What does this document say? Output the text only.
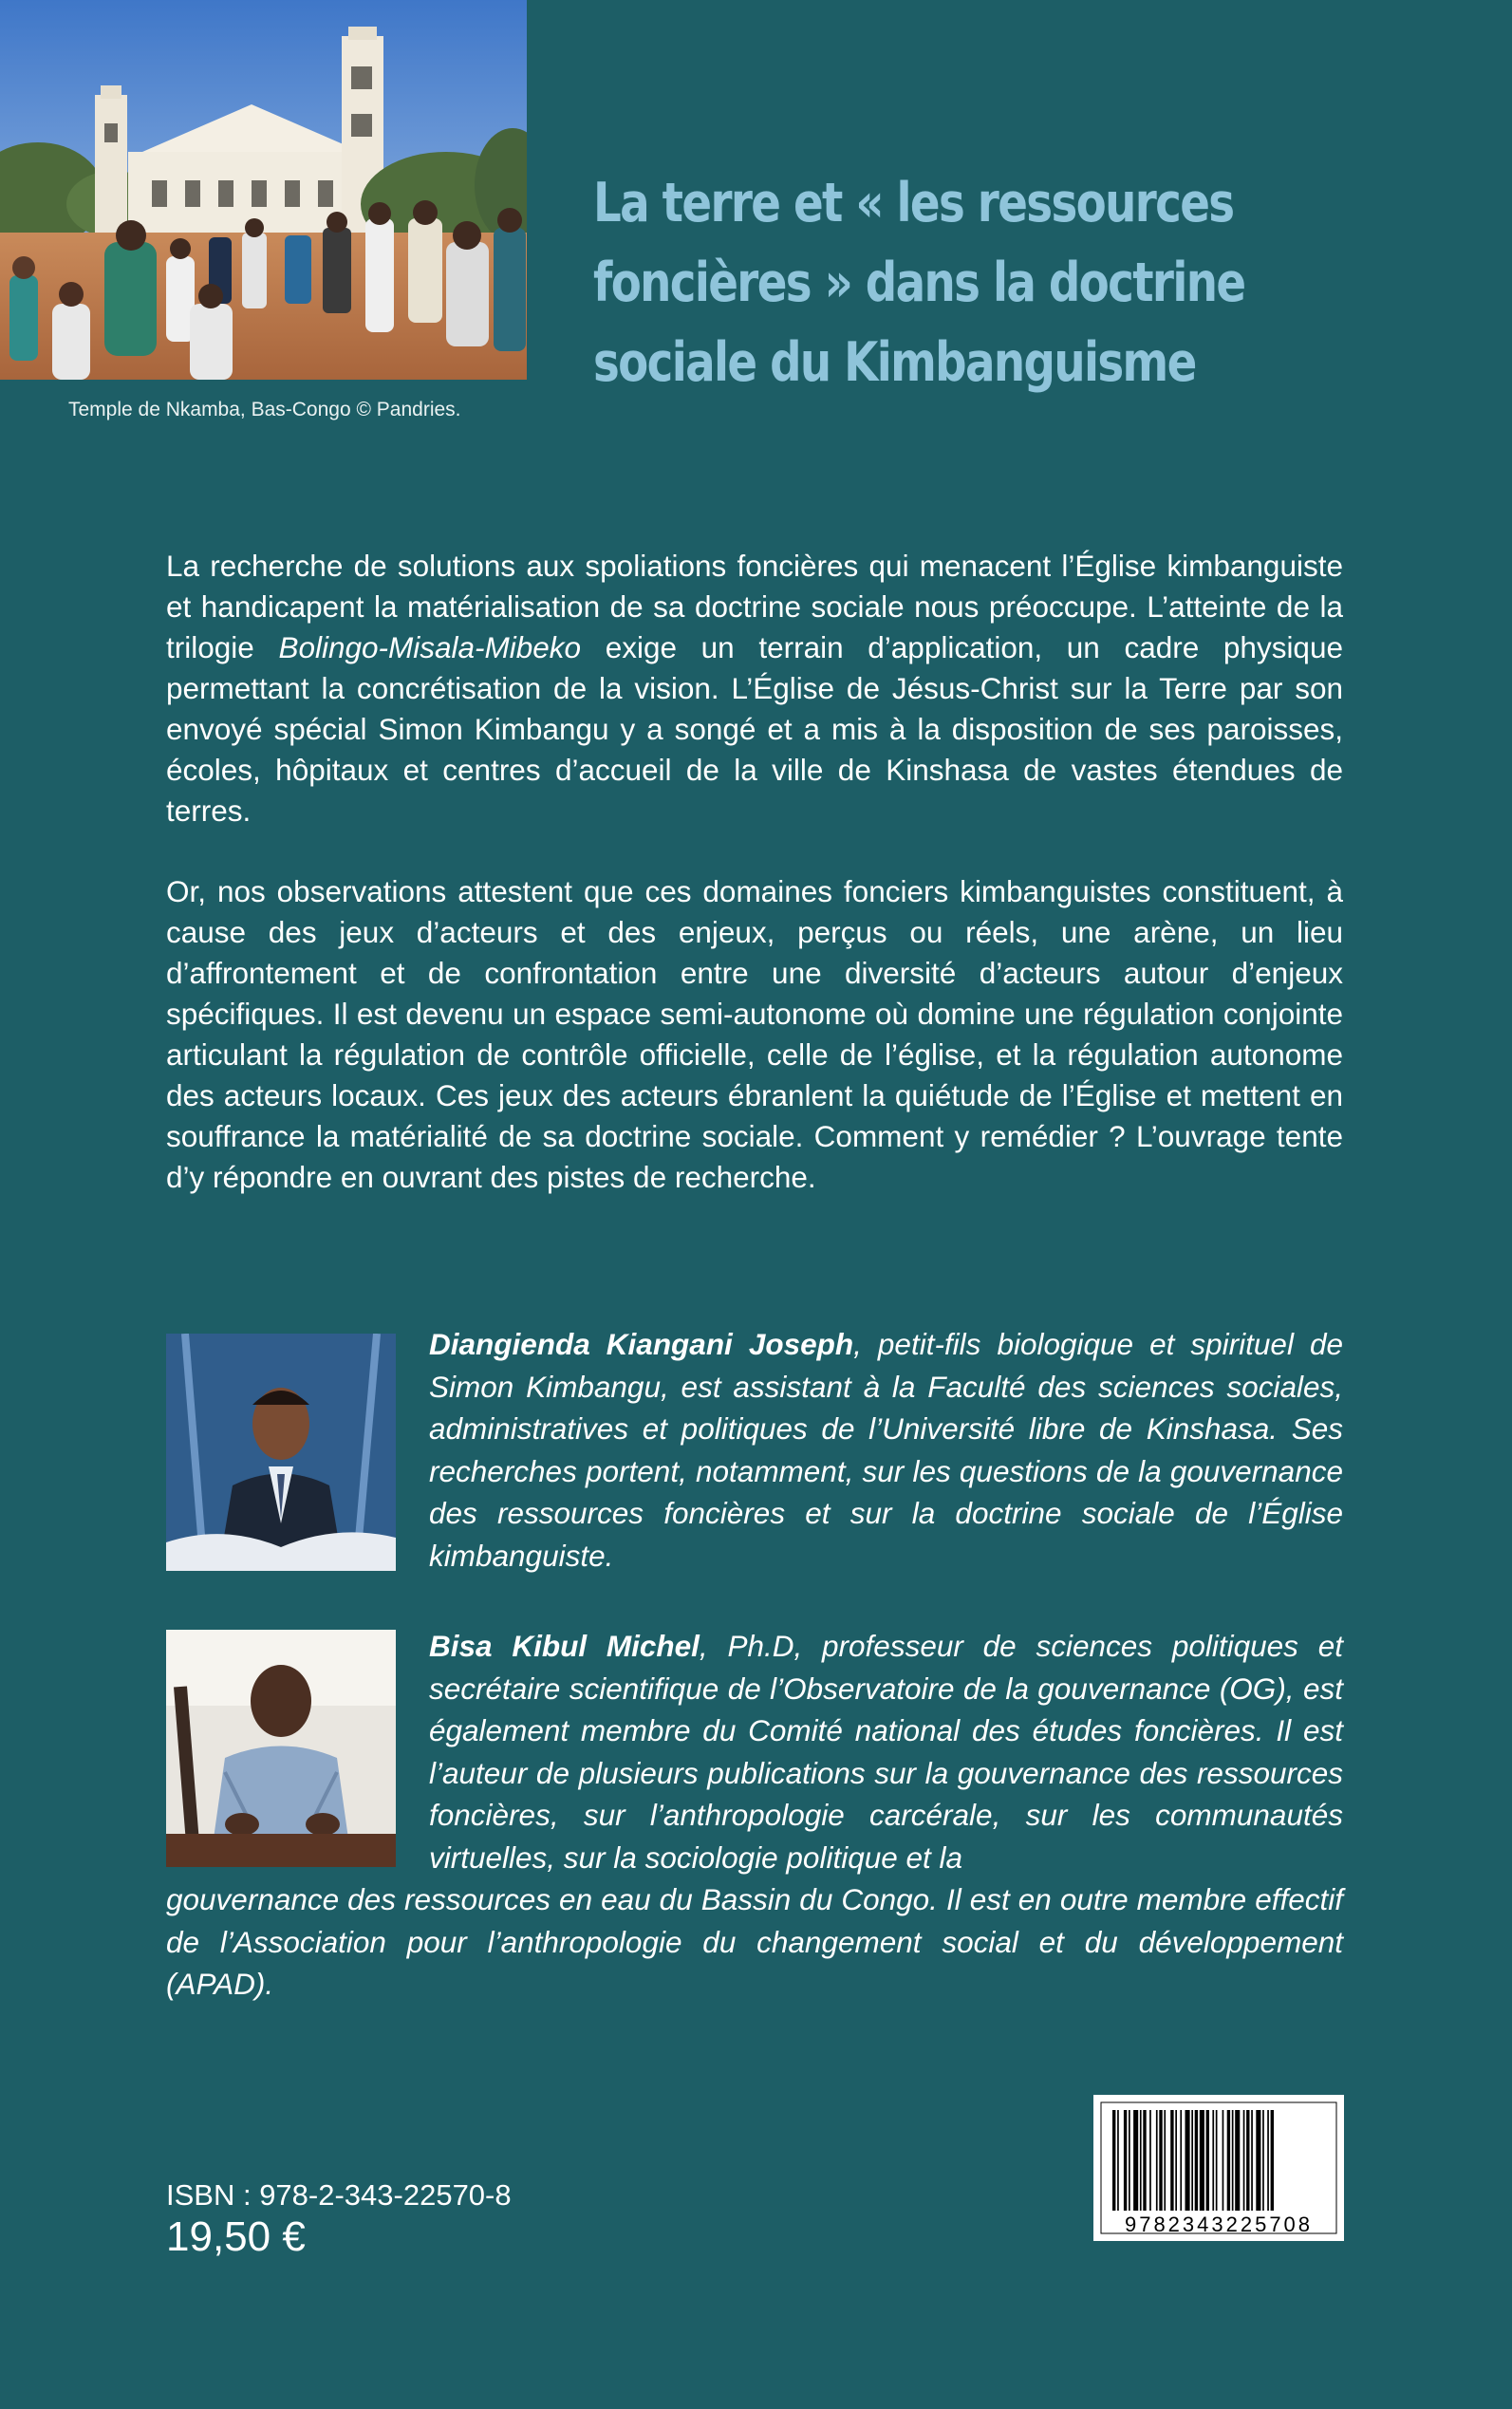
Temple de Nkamba, Bas-Congo © Pandries.
La terre et « les ressources
foncières » dans la doctrine
sociale du Kimbanguisme
La recherche de solutions aux spoliations foncières qui menacent l’Église kimbanguiste et handicapent la matérialisation de sa doctrine sociale nous préoccupe. L’atteinte de la trilogie Bolingo-Misala-Mibeko exige un terrain d’application, un cadre physique permettant la concrétisation de la vision. L’Église de Jésus-Christ sur la Terre par son envoyé spécial Simon Kimbangu y a songé et a mis à la disposition de ses paroisses, écoles, hôpitaux et centres d’accueil de la ville de Kinshasa de vastes étendues de terres.
Or, nos observations attestent que ces domaines fonciers kimbanguistes constituent, à cause des jeux d’acteurs et des enjeux, perçus ou réels, une arène, un lieu d’affrontement et de confrontation entre une diversité d’acteurs autour d’enjeux spécifiques. Il est devenu un espace semi-autonome où domine une régulation conjointe articulant la régulation de contrôle officielle, celle de l’église, et la régulation autonome des acteurs locaux. Ces jeux des acteurs ébranlent la quiétude de l’Église et mettent en souffrance la matérialité de sa doctrine sociale. Comment y remédier ? L’ouvrage tente d’y répondre en ouvrant des pistes de recherche.
Diangienda Kiangani Joseph, petit-fils biologique et spirituel de Simon Kimbangu, est assistant à la Faculté des sciences sociales, administratives et politiques de l’Université libre de Kinshasa. Ses recherches portent, notamment, sur les questions de la gouvernance des ressources foncières et sur la doctrine sociale de l’Église kimbanguiste.
Bisa Kibul Michel, Ph.D, professeur de sciences politiques et secrétaire scientifique de l’Observatoire de la gouvernance (OG), est également membre du Comité national des études foncières. Il est l’auteur de plusieurs publications sur la gouvernance des ressources foncières, sur l’anthropologie carcérale, sur les communautés virtuelles, sur la sociologie politique et la
gouvernance des ressources en eau du Bassin du Congo. Il est en outre membre effectif de l’Association pour l’anthropologie du changement social et du développement (APAD).
ISBN : 978-2-343-22570-8
19,50 €	9782343225708
